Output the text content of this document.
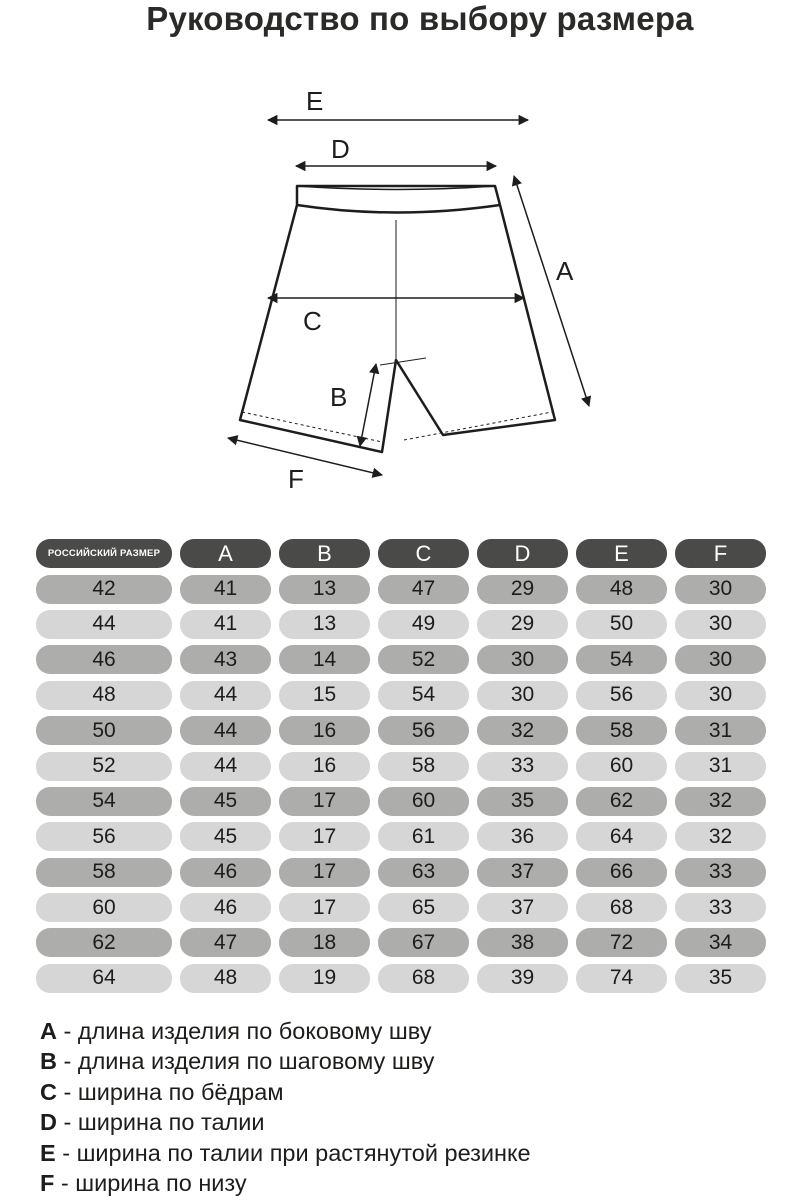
Руководство по выбору размера
E
D
A
C
B
F
РОССИЙСКИЙ РАЗМЕР	A	B	C	D	E	F
42	41	13	47	29	48	30
44	41	13	49	29	50	30
46	43	14	52	30	54	30
48	44	15	54	30	56	30
50	44	16	56	32	58	31
52	44	16	58	33	60	31
54	45	17	60	35	62	32
56	45	17	61	36	64	32
58	46	17	63	37	66	33
60	46	17	65	37	68	33
62	47	18	67	38	72	34
64	48	19	68	39	74	35
A - длина изделия по боковому шву
B - длина изделия по шаговому шву
C - ширина по бёдрам
D - ширина по талии
E - ширина по талии при растянутой резинке
F - ширина по низу
